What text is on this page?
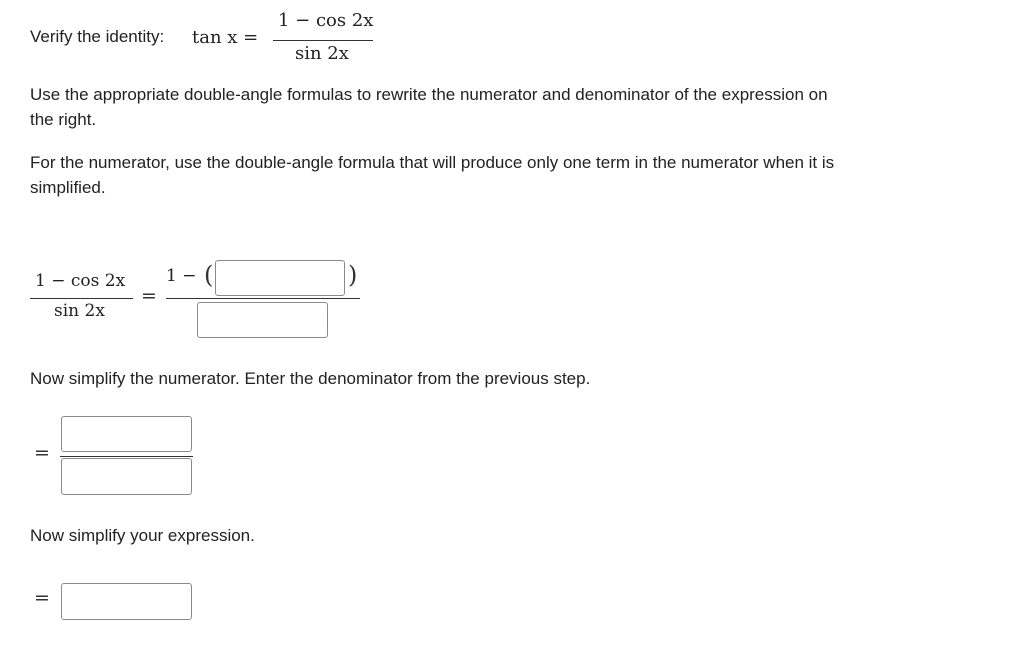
Verify the identity: tan x =
1 − cos 2x
sin 2x

Use the appropriate double-angle formulas to rewrite the numerator and denominator of the expression on the right.

For the numerator, use the double-angle formula that will produce only one term in the numerator when it is simplified.

1 − cos 2x
sin 2x
=
1 − (	)

Now simplify the numerator. Enter the denominator from the previous step.

=

Now simplify your expression.

=
